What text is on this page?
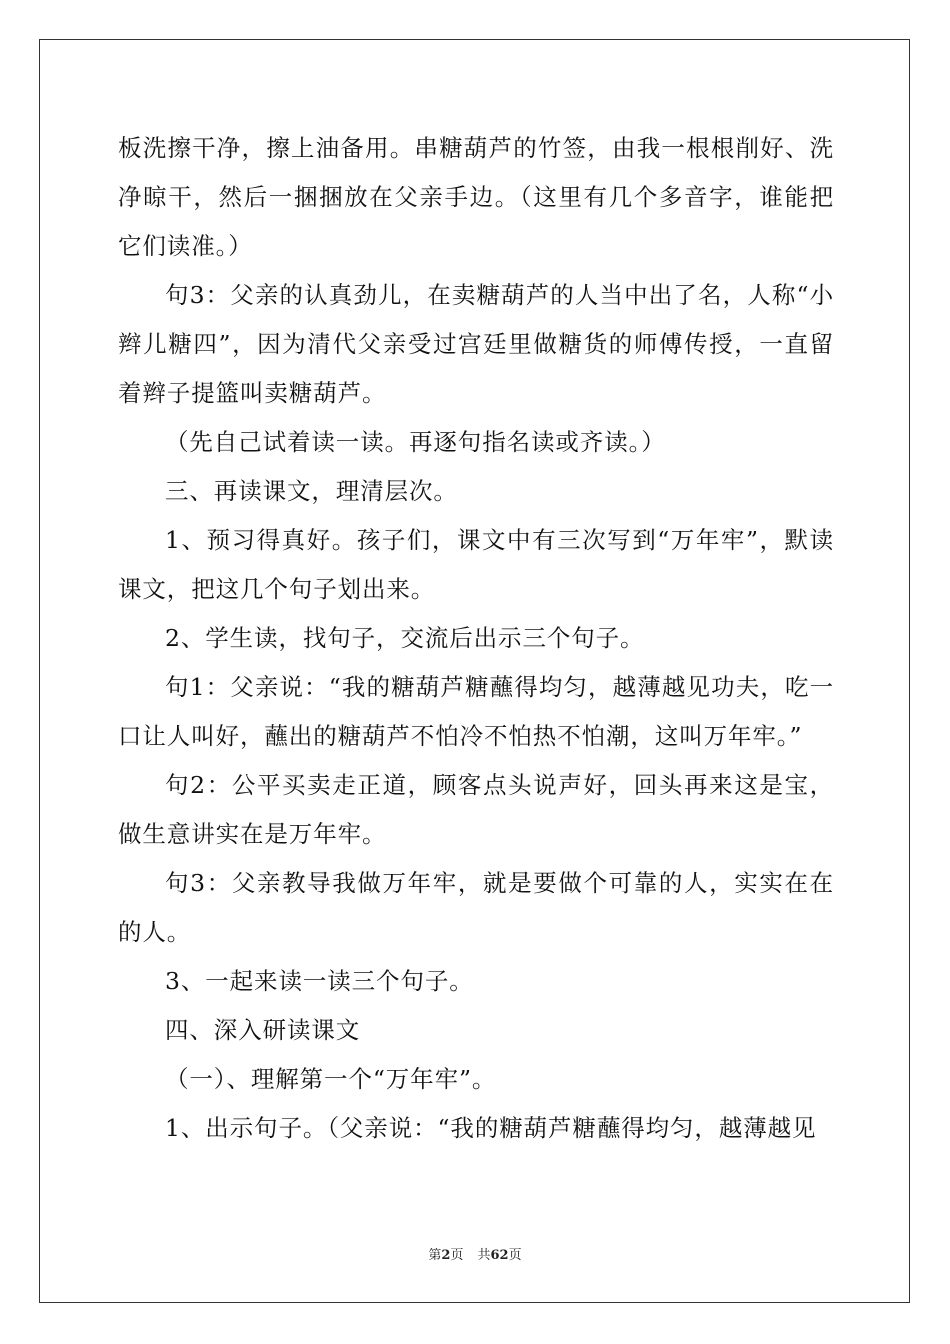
板洗擦干净，擦上油备用。串糖葫芦的竹签，由我一根根削好、洗净晾干，然后一捆捆放在父亲手边。（这里有几个多音字，谁能把它们读准。）

句3：父亲的认真劲儿，在卖糖葫芦的人当中出了名，人称“小辫儿糖四”，因为清代父亲受过宫廷里做糖货的师傅传授，一直留着辫子提篮叫卖糖葫芦。

（先自己试着读一读。再逐句指名读或齐读。）

三、再读课文，理清层次。

1、预习得真好。孩子们，课文中有三次写到“万年牢”，默读课文，把这几个句子划出来。

2、学生读，找句子，交流后出示三个句子。

句1：父亲说：“我的糖葫芦糖蘸得均匀，越薄越见功夫，吃一口让人叫好，蘸出的糖葫芦不怕冷不怕热不怕潮，这叫万年牢。”

句2：公平买卖走正道，顾客点头说声好，回头再来这是宝，做生意讲实在是万年牢。

句3：父亲教导我做万年牢，就是要做个可靠的人，实实在在的人。

3、一起来读一读三个句子。

四、深入研读课文

（一）、理解第一个“万年牢”。

1、出示句子。（父亲说：“我的糖葫芦糖蘸得均匀，越薄越见

第2页 共62页
